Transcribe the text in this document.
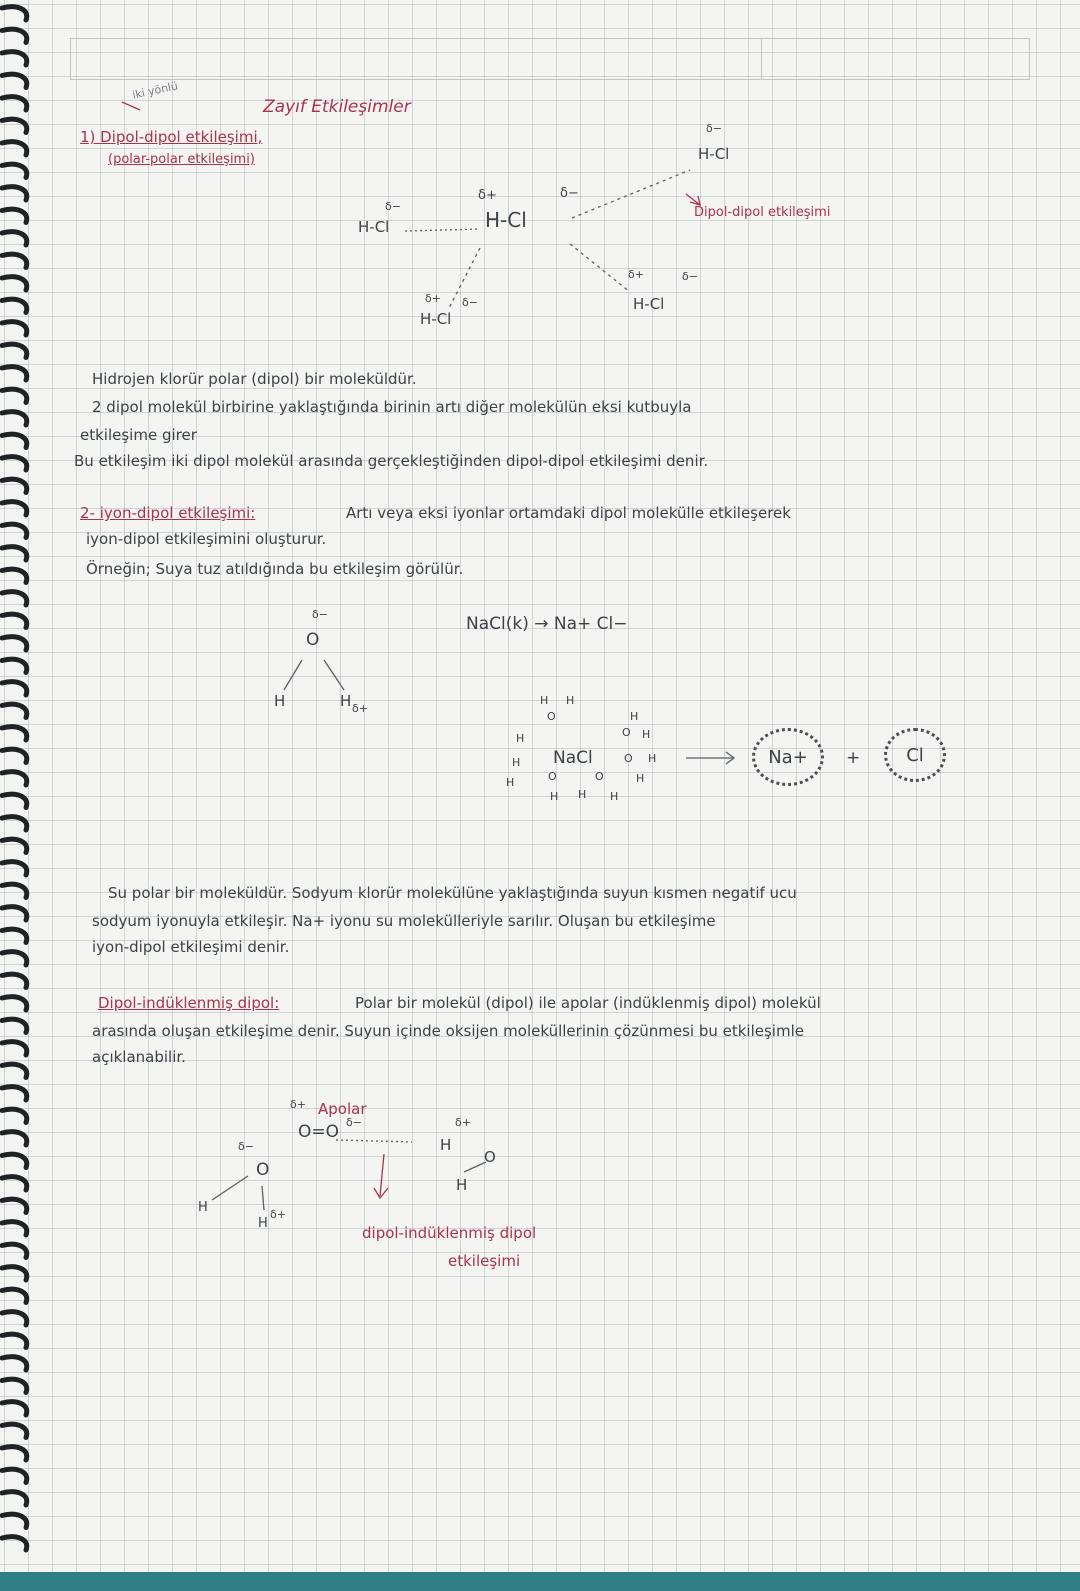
Zayıf Etkileşimler
iki yönlü
1) Dipol-dipol etkileşimi,
(polar-polar etkileşimi)
H-Cl
δ−
H-Cl
δ+	δ−
H-Cl
δ+ δ−
H-Cl
δ−
H-Cl
δ+	δ−
Dipol-dipol etkileşimi
Hidrojen klorür polar (dipol) bir moleküldür.
2 dipol molekül birbirine yaklaştığında birinin artı diğer molekülün eksi kutbuyla
etkileşime girer
Bu etkileşim iki dipol molekül arasında gerçekleştiğinden dipol-dipol etkileşimi denir.
2- iyon-dipol etkileşimi:	Artı veya eksi iyonlar ortamdaki dipol molekülle etkileşerek
iyon-dipol etkileşimini oluşturur.
Örneğin; Suya tuz atıldığında bu etkileşim görülür.
NaCl(k) → Na+ Cl−
O
δ−
H	H δ+
NaCl
O
O
O
O	O
H H
H
H
H
H
H
H
H
H H H
Na+ +	Cl
Su polar bir moleküldür. Sodyum klorür molekülüne yaklaştığında suyun kısmen negatif ucu
sodyum iyonuyla etkileşir. Na+ iyonu su molekülleriyle sarılır. Oluşan bu etkileşime
iyon-dipol etkileşimi denir.
Dipol-indüklenmiş dipol:	Polar bir molekül (dipol) ile apolar (indüklenmiş dipol) molekül
arasında oluşan etkileşime denir. Suyun içinde oksijen moleküllerinin çözünmesi bu etkileşimle
açıklanabilir.
Apolar
δ+
O=O δ−
O
δ−
H
H
δ+
H
δ+
O
H
dipol-indüklenmiş dipol
etkileşimi
